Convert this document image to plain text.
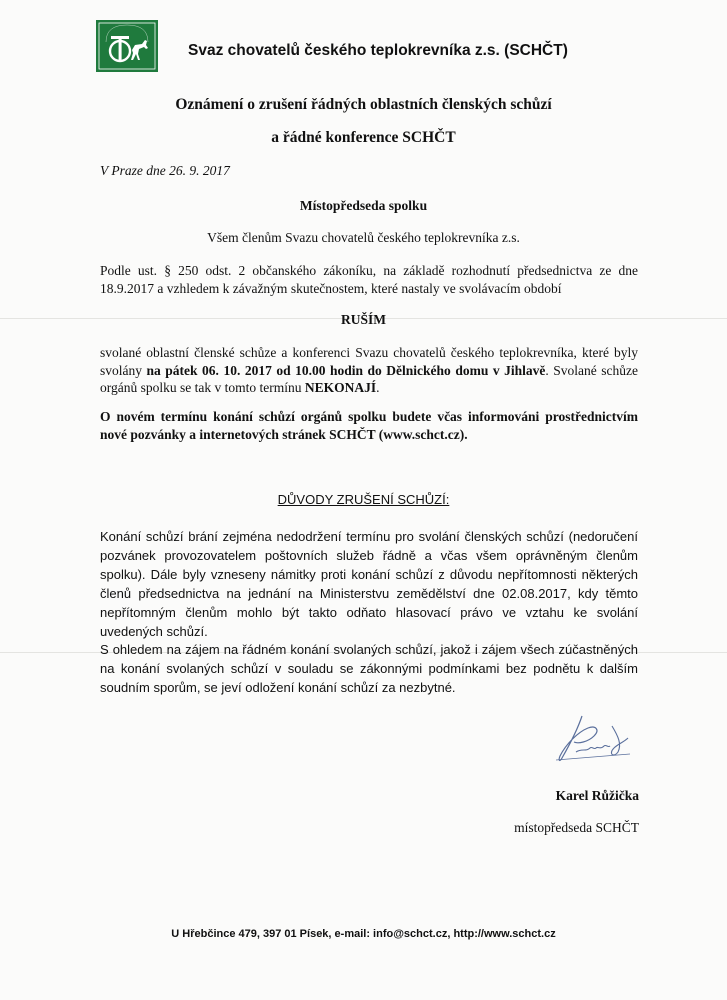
Svaz chovatelů českého teplokrevníka z.s. (SCHČT)
Oznámení o zrušení řádných oblastních členských schůzí
a řádné konference SCHČT
V Praze dne 26. 9. 2017
Místopředseda spolku
Všem členům Svazu chovatelů českého teplokrevníka z.s.
Podle ust. § 250 odst. 2 občanského zákoníku, na základě rozhodnutí předsednictva ze dne 18.9.2017 a vzhledem k závažným skutečnostem, které nastaly ve svolávacím období
RUŠÍM
svolané oblastní členské schůze a konferenci Svazu chovatelů českého teplokrevníka, které byly svolány na pátek 06. 10. 2017 od 10.00 hodin do Dělnického domu v Jihlavě. Svolané schůze orgánů spolku se tak v tomto termínu NEKONAJÍ.
O novém termínu konání schůzí orgánů spolku budete včas informováni prostřednictvím nové pozvánky a internetových stránek SCHČT (www.schct.cz).
DŮVODY ZRUŠENÍ SCHŮZÍ:
Konání schůzí brání zejména nedodržení termínu pro svolání členských schůzí (nedoručení pozvánek provozovatelem poštovních služeb řádně a včas všem oprávněným členům spolku). Dále byly vzneseny námitky proti konání schůzí z důvodu nepřítomnosti některých členů předsednictva na jednání na Ministerstvu zemědělství dne 02.08.2017, kdy těmto nepřítomným členům mohlo být takto odňato hlasovací právo ve vztahu ke svolání uvedených schůzí.
S ohledem na zájem na řádném konání svolaných schůzí, jakož i zájem všech zúčastněných na konání svolaných schůzí v souladu se zákonnými podmínkami bez podnětu k dalším soudním sporům, se jeví odložení konání schůzí za nezbytné.
Karel Růžička
místopředseda SCHČT
U Hřebčince 479, 397 01 Písek, e-mail: info@schct.cz, http://www.schct.cz
